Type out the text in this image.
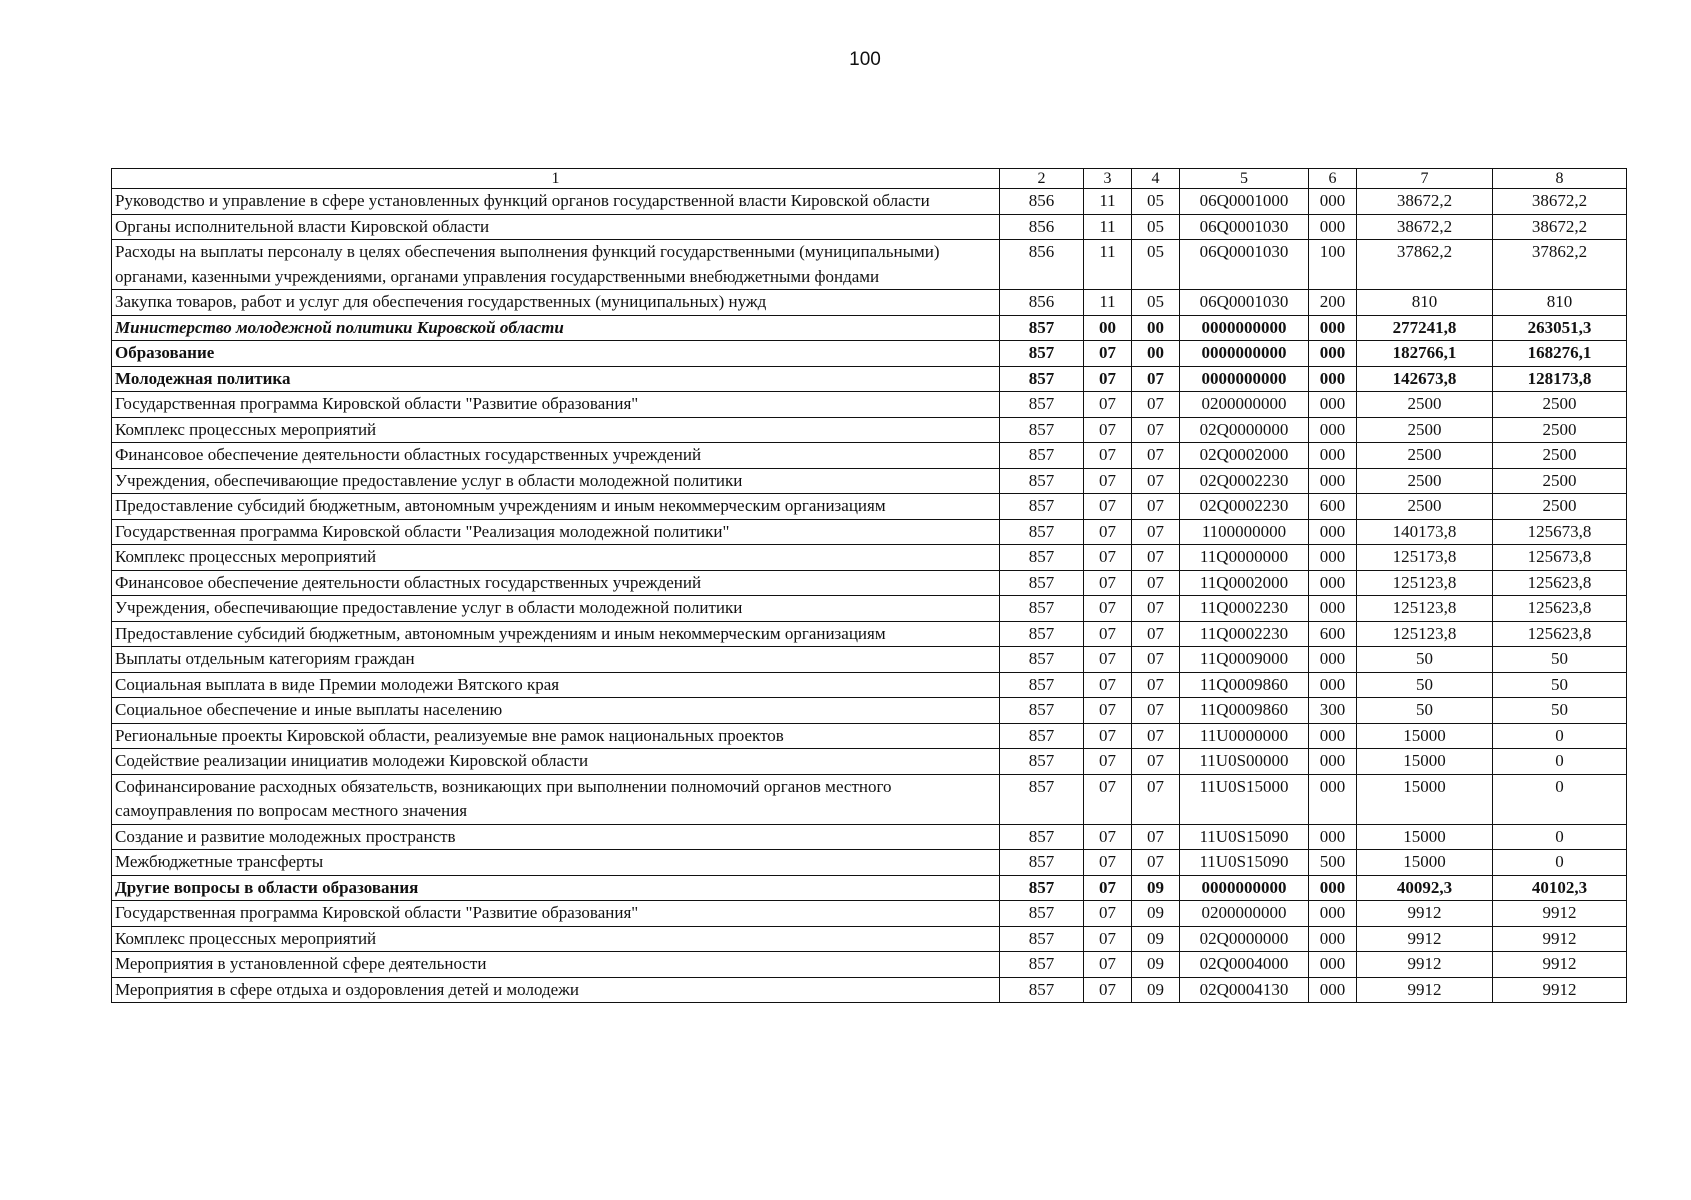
100
1	2	3	4	5	6	7	8
Руководство и управление в сфере установленных функций органов государственной власти Кировской области	856	11	05	06Q0001000	000	38672,2	38672,2
Органы исполнительной власти Кировской области	856	11	05	06Q0001030	000	38672,2	38672,2
Расходы на выплаты персоналу в целях обеспечения выполнения функций государственными (муниципальными) органами, казенными учреждениями, органами управления государственными внебюджетными фондами	856	11	05	06Q0001030	100	37862,2	37862,2
Закупка товаров, работ и услуг для обеспечения государственных (муниципальных) нужд	856	11	05	06Q0001030	200	810	810
Министерство молодежной политики Кировской области	857	00	00	0000000000	000	277241,8	263051,3
Образование	857	07	00	0000000000	000	182766,1	168276,1
Молодежная политика	857	07	07	0000000000	000	142673,8	128173,8
Государственная программа Кировской области "Развитие образования"	857	07	07	0200000000	000	2500	2500
Комплекс процессных мероприятий	857	07	07	02Q0000000	000	2500	2500
Финансовое обеспечение деятельности областных государственных учреждений	857	07	07	02Q0002000	000	2500	2500
Учреждения, обеспечивающие предоставление услуг в области молодежной политики	857	07	07	02Q0002230	000	2500	2500
Предоставление субсидий бюджетным, автономным учреждениям и иным некоммерческим организациям	857	07	07	02Q0002230	600	2500	2500
Государственная программа Кировской области "Реализация молодежной политики"	857	07	07	1100000000	000	140173,8	125673,8
Комплекс процессных мероприятий	857	07	07	11Q0000000	000	125173,8	125673,8
Финансовое обеспечение деятельности областных государственных учреждений	857	07	07	11Q0002000	000	125123,8	125623,8
Учреждения, обеспечивающие предоставление услуг в области молодежной политики	857	07	07	11Q0002230	000	125123,8	125623,8
Предоставление субсидий бюджетным, автономным учреждениям и иным некоммерческим организациям	857	07	07	11Q0002230	600	125123,8	125623,8
Выплаты отдельным категориям граждан	857	07	07	11Q0009000	000	50	50
Социальная выплата в виде Премии молодежи Вятского края	857	07	07	11Q0009860	000	50	50
Социальное обеспечение и иные выплаты населению	857	07	07	11Q0009860	300	50	50
Региональные проекты Кировской области, реализуемые вне рамок национальных проектов	857	07	07	11U0000000	000	15000	0
Содействие реализации инициатив молодежи Кировской области	857	07	07	11U0S00000	000	15000	0
Софинансирование расходных обязательств, возникающих при выполнении полномочий органов местного самоуправления по вопросам местного значения	857	07	07	11U0S15000	000	15000	0
Создание и развитие молодежных пространств	857	07	07	11U0S15090	000	15000	0
Межбюджетные трансферты	857	07	07	11U0S15090	500	15000	0
Другие вопросы в области образования	857	07	09	0000000000	000	40092,3	40102,3
Государственная программа Кировской области "Развитие образования"	857	07	09	0200000000	000	9912	9912
Комплекс процессных мероприятий	857	07	09	02Q0000000	000	9912	9912
Мероприятия в установленной сфере деятельности	857	07	09	02Q0004000	000	9912	9912
Мероприятия в сфере отдыха и оздоровления детей и молодежи	857	07	09	02Q0004130	000	9912	9912
